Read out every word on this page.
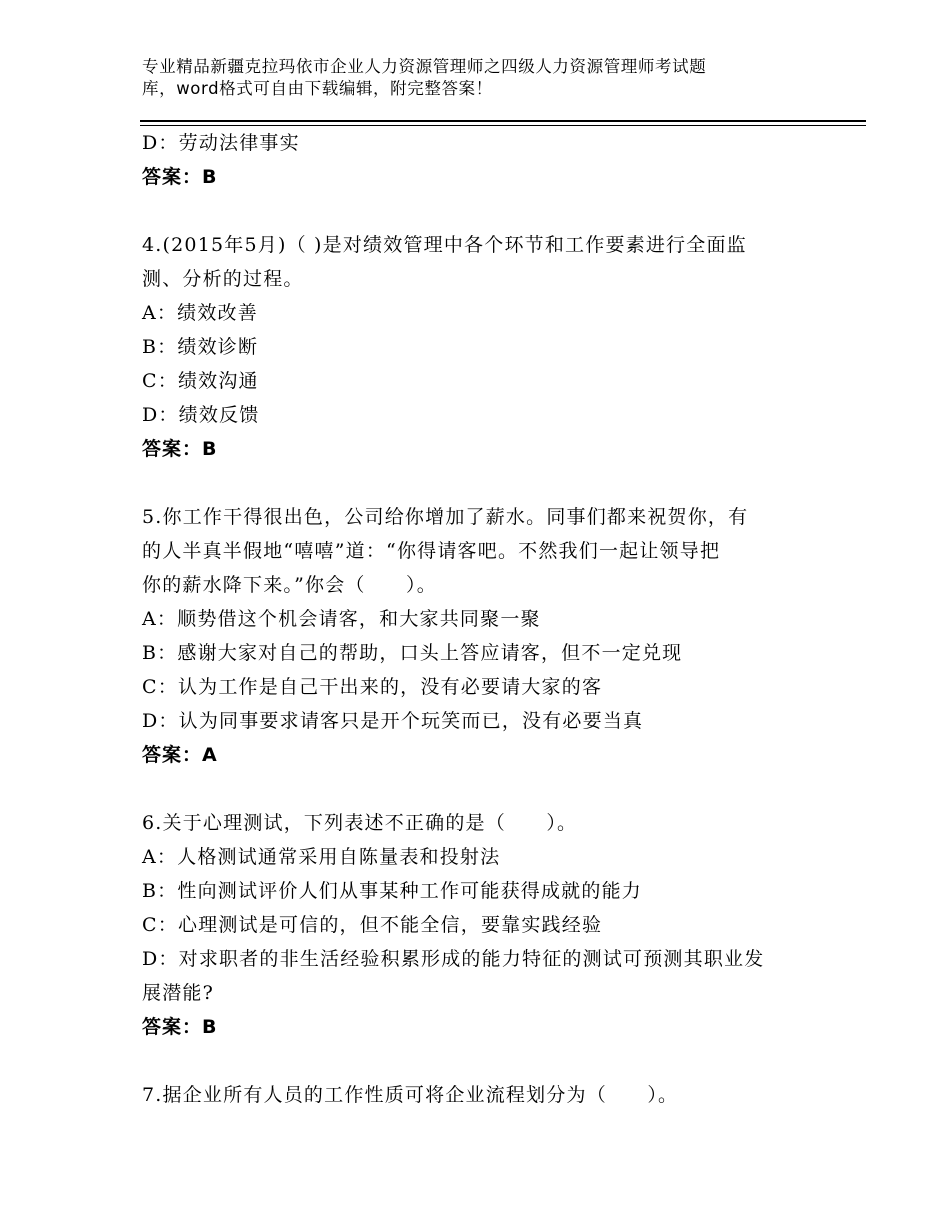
专业精品新疆克拉玛依市企业人力资源管理师之四级人力资源管理师考试题
库，word格式可自由下载编辑，附完整答案！
D：劳动法律事实
答案：B
4.(2015年5月)（ )是对绩效管理中各个环节和工作要素进行全面监
测、分析的过程。
A：绩效改善
B：绩效诊断
C：绩效沟通
D：绩效反馈
答案：B
5.你工作干得很出色，公司给你增加了薪水。同事们都来祝贺你，有
的人半真半假地“嘻嘻”道：“你得请客吧。不然我们一起让领导把
你的薪水降下来。”你会（　　）。
A：顺势借这个机会请客，和大家共同聚一聚
B：感谢大家对自己的帮助，口头上答应请客，但不一定兑现
C：认为工作是自己干出来的，没有必要请大家的客
D：认为同事要求请客只是开个玩笑而已，没有必要当真
答案：A
6.关于心理测试，下列表述不正确的是（　　）。
A：人格测试通常采用自陈量表和投射法
B：性向测试评价人们从事某种工作可能获得成就的能力
C：心理测试是可信的，但不能全信，要靠实践经验
D：对求职者的非生活经验积累形成的能力特征的测试可预测其职业发
展潜能?
答案：B
7.据企业所有人员的工作性质可将企业流程划分为（　　）。
